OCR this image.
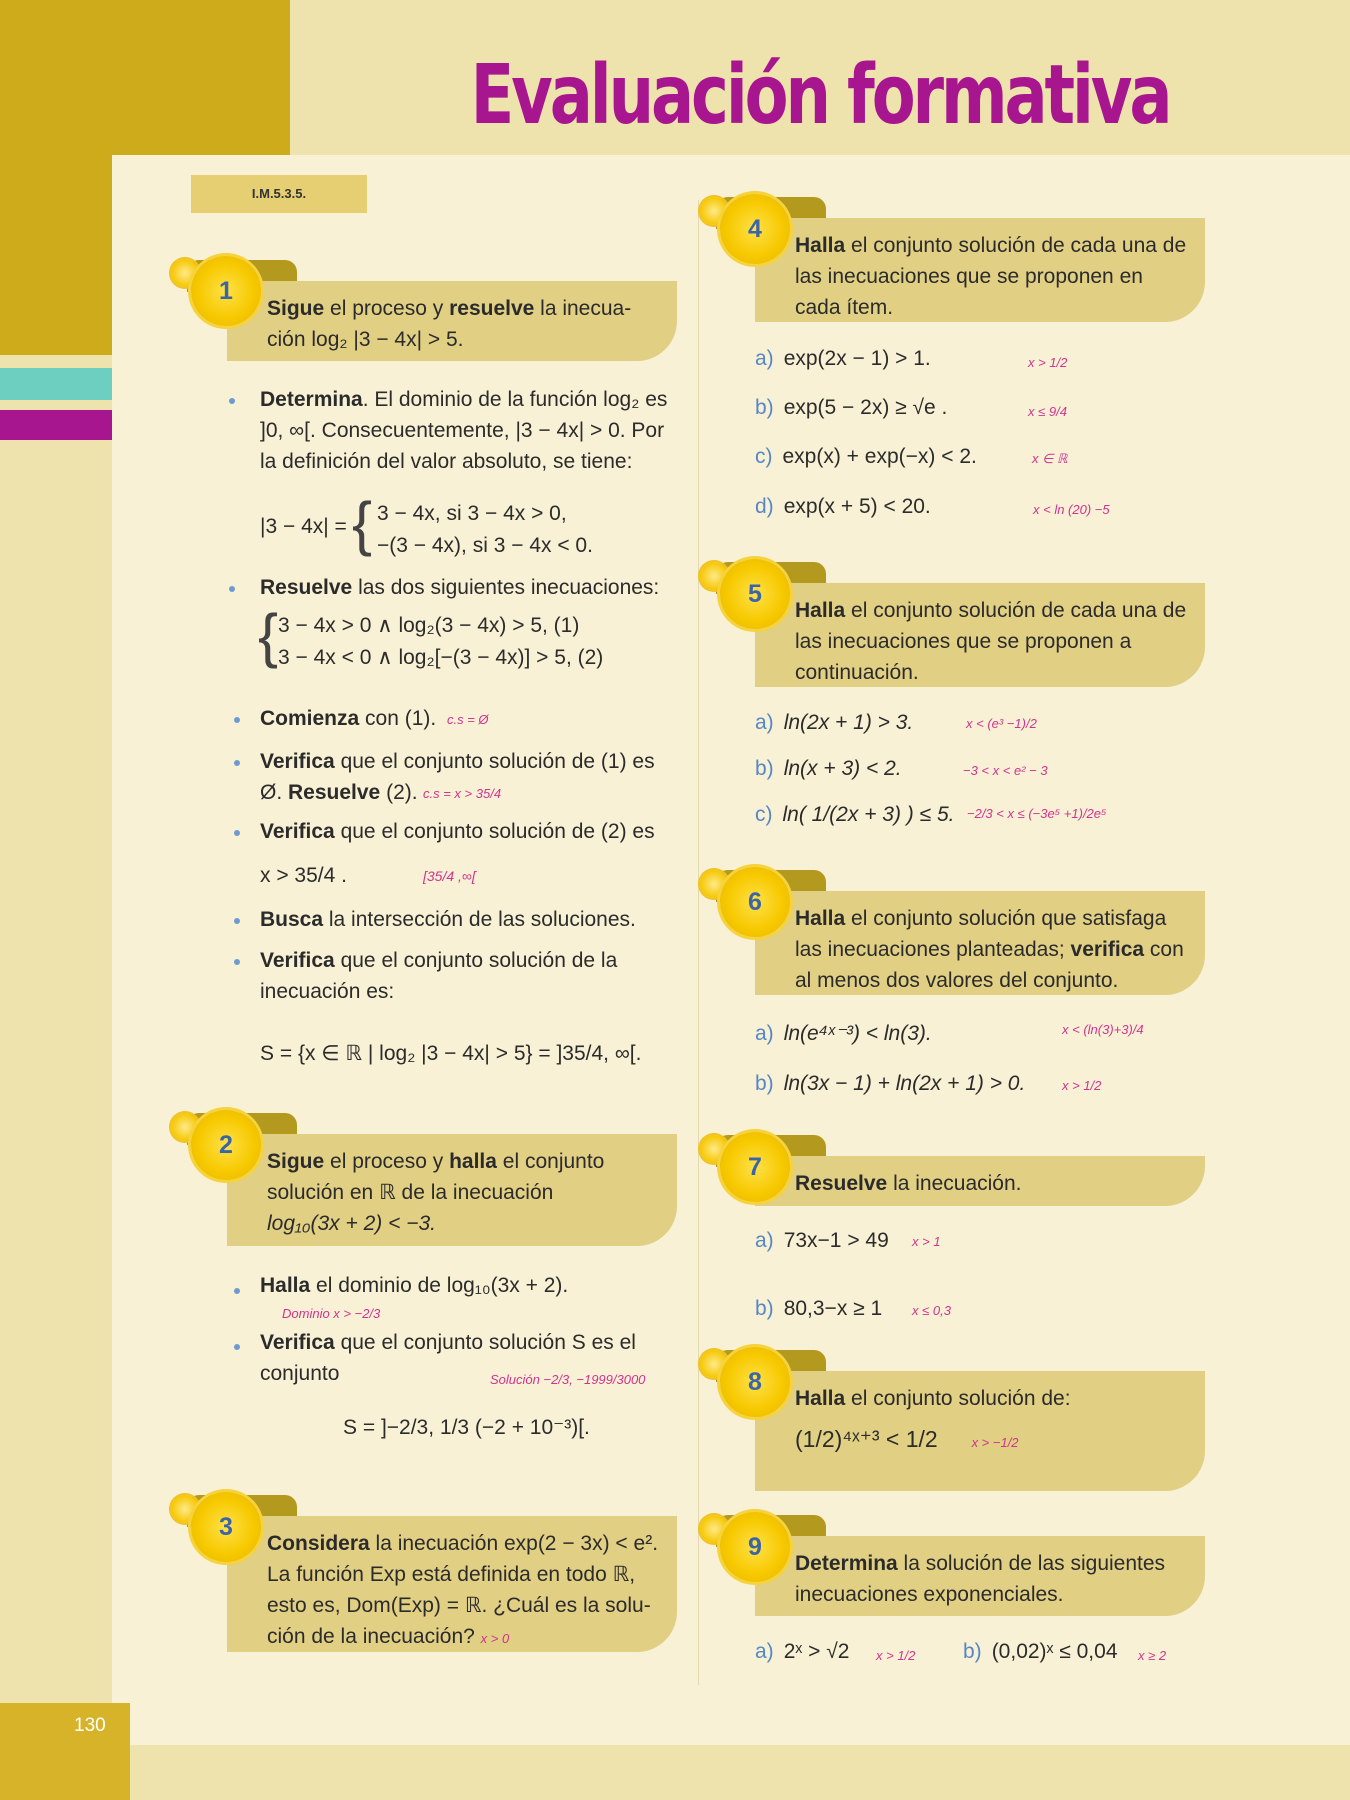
Evaluación formativa
I.M.5.3.5.
Sigue el proceso y resuelve la inecua-
ción log₂ |3 − 4x| > 5.
1
Determina. El dominio de la función log₂ es ]0, ∞[. Consecuentemente, |3 − 4x| > 0. Por la definición del valor absoluto, se tiene:
|3 − 4x| = { 3 − 4x, si 3 − 4x > 0,
−(3 − 4x), si 3 − 4x < 0.
Resuelve las dos siguientes inecuaciones:
{ 3 − 4x > 0 ∧ log₂(3 − 4x) > 5, (1)
3 − 4x < 0 ∧ log₂[−(3 − 4x)] > 5, (2)
Comienza con (1). c.s = Ø
Verifica que el conjunto solución de (1) es
Ø. Resuelve (2). c.s = x > 35/4
Verifica que el conjunto solución de (2) es
x > 35/4 .	[35/4 ,∞[
Busca la intersección de las soluciones.
Verifica que el conjunto solución de la inecuación es:
S = {x ∈ ℝ | log₂ |3 − 4x| > 5} = ]35/4, ∞[.
Sigue el proceso y halla el conjunto
solución en ℝ de la inecuación
log₁₀(3x + 2) < −3.
2
Halla el dominio de log₁₀(3x + 2).
Dominio x > −2/3
Verifica que el conjunto solución S es el
conjunto	Solución −2/3, −1999/3000
S = ]−2/3, 1/3 (−2 + 10⁻³)[.
Considera la inecuación exp(2 − 3x) < e².
La función Exp está definida en todo ℝ,
esto es, Dom(Exp) = ℝ. ¿Cuál es la solu-
ción de la inecuación? x > 0
3
Halla el conjunto solución de cada una de las inecuaciones que se proponen en cada ítem.
4
a) exp(2x − 1) > 1.	x > 1/2
b) exp(5 − 2x) ≥ √e .	x ≤ 9/4
c) exp(x) + exp(−x) < 2.	x ∈ ℝ
d) exp(x + 5) < 20.	x < ln (20) −5
Halla el conjunto solución de cada una de las inecuaciones que se proponen a continuación.
5
a) ln(2x + 1) > 3.	x < (e³ −1)/2
b) ln(x + 3) < 2.	−3 < x < e² − 3
c) ln( 1/(2x + 3) ) ≤ 5. −2/3 < x ≤ (−3e⁵ +1)/2e⁵
Halla el conjunto solución que satisfaga las inecuaciones planteadas; verifica con al menos dos valores del conjunto.
6
a) ln(e⁴ˣ⁻³) < ln(3).	x < (ln(3)+3)/4
b) ln(3x − 1) + ln(2x + 1) > 0.	x > 1/2
Resuelve la inecuación.
7
a) 73x−1 > 49 x > 1
b) 80,3−x ≥ 1 x ≤ 0,3
Halla el conjunto solución de:
(1/2)⁴ˣ⁺³ < 1/2	x > −1/2
8
Determina la solución de las siguientes inecuaciones exponenciales.
9
a) 2ˣ > √2 x > 1/2 b) (0,02)ˣ ≤ 0,04 x ≥ 2
130
